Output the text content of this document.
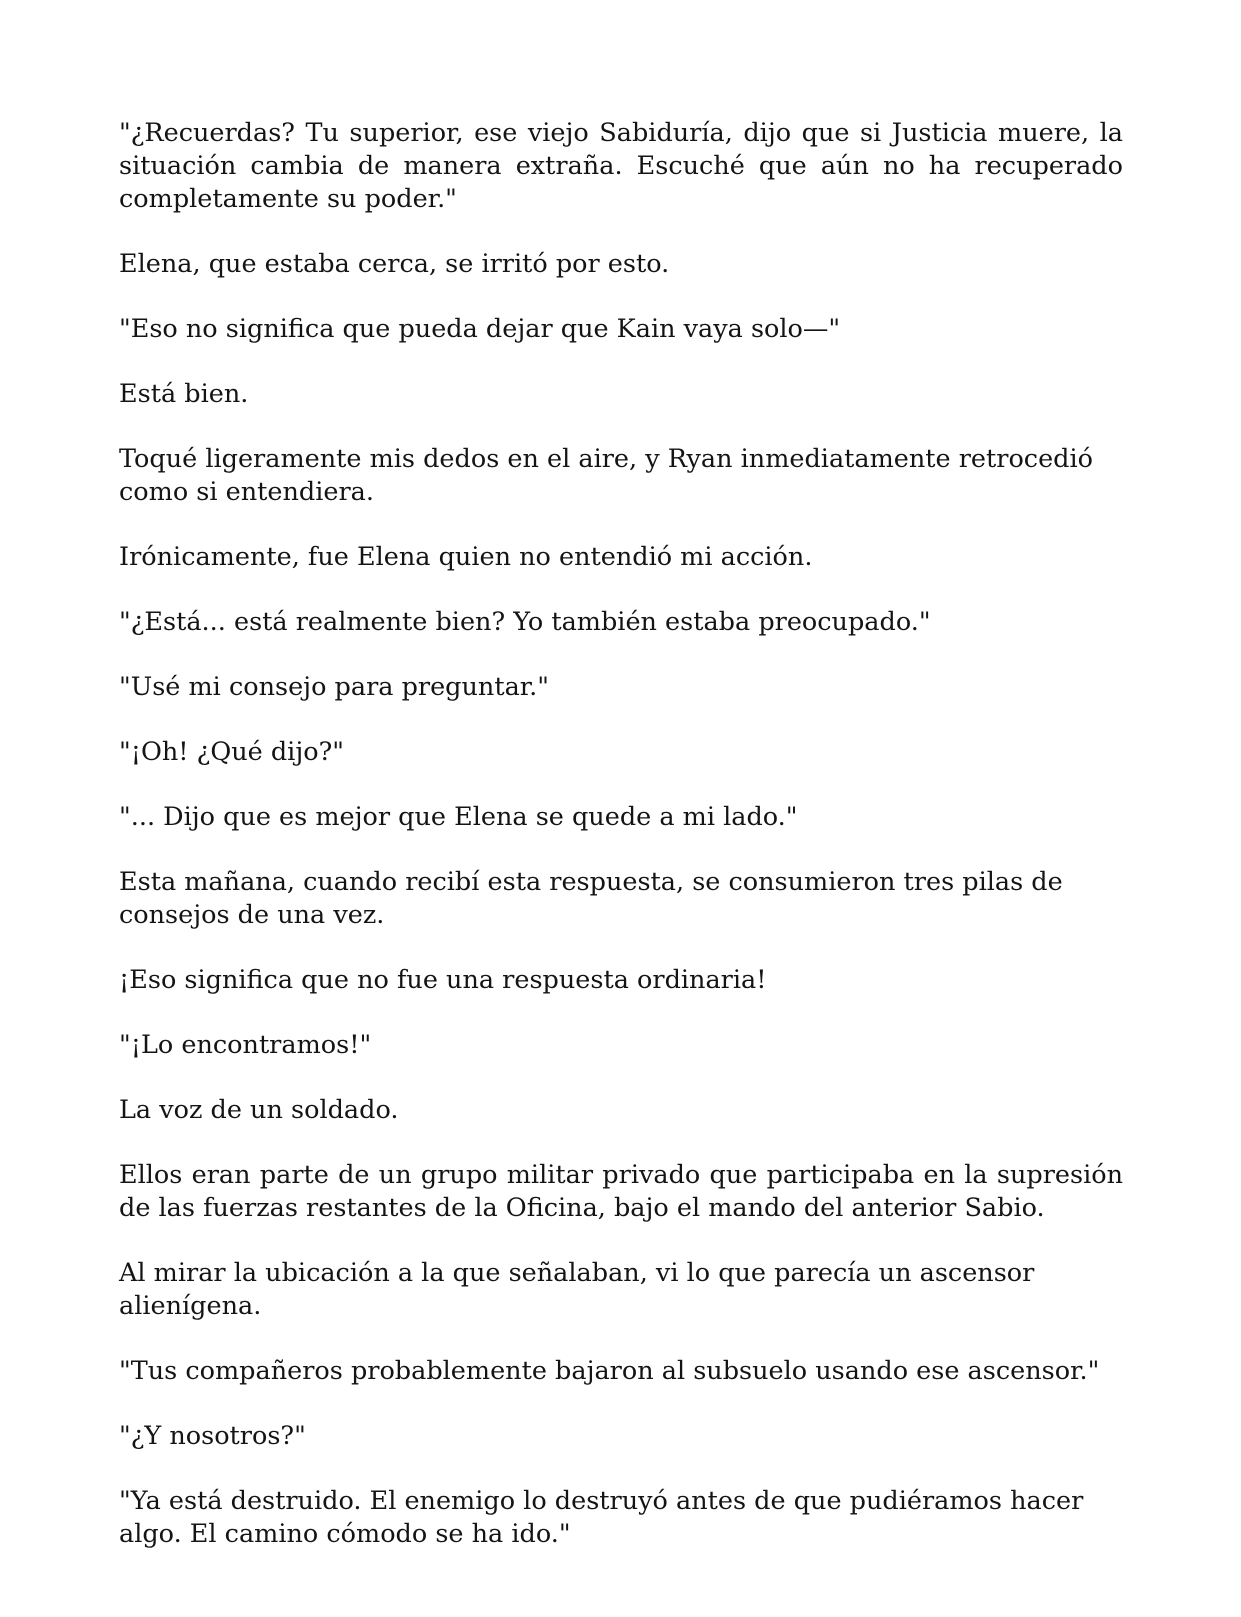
"¿Recuerdas? Tu superior, ese viejo Sabiduría, dijo que si Justicia muere, la situación cambia de manera extraña. Escuché que aún no ha recuperado completamente su poder."

Elena, que estaba cerca, se irritó por esto.

"Eso no significa que pueda dejar que Kain vaya solo—"

Está bien.

Toqué ligeramente mis dedos en el aire, y Ryan inmediatamente retrocedió como si entendiera.

Irónicamente, fue Elena quien no entendió mi acción.

"¿Está... está realmente bien? Yo también estaba preocupado."

"Usé mi consejo para preguntar."

"¡Oh! ¿Qué dijo?"

"... Dijo que es mejor que Elena se quede a mi lado."

Esta mañana, cuando recibí esta respuesta, se consumieron tres pilas de consejos de una vez.

¡Eso significa que no fue una respuesta ordinaria!

"¡Lo encontramos!"

La voz de un soldado.

Ellos eran parte de un grupo militar privado que participaba en la supresión de las fuerzas restantes de la Oficina, bajo el mando del anterior Sabio.

Al mirar la ubicación a la que señalaban, vi lo que parecía un ascensor alienígena.

"Tus compañeros probablemente bajaron al subsuelo usando ese ascensor."

"¿Y nosotros?"

"Ya está destruido. El enemigo lo destruyó antes de que pudiéramos hacer algo. El camino cómodo se ha ido."
